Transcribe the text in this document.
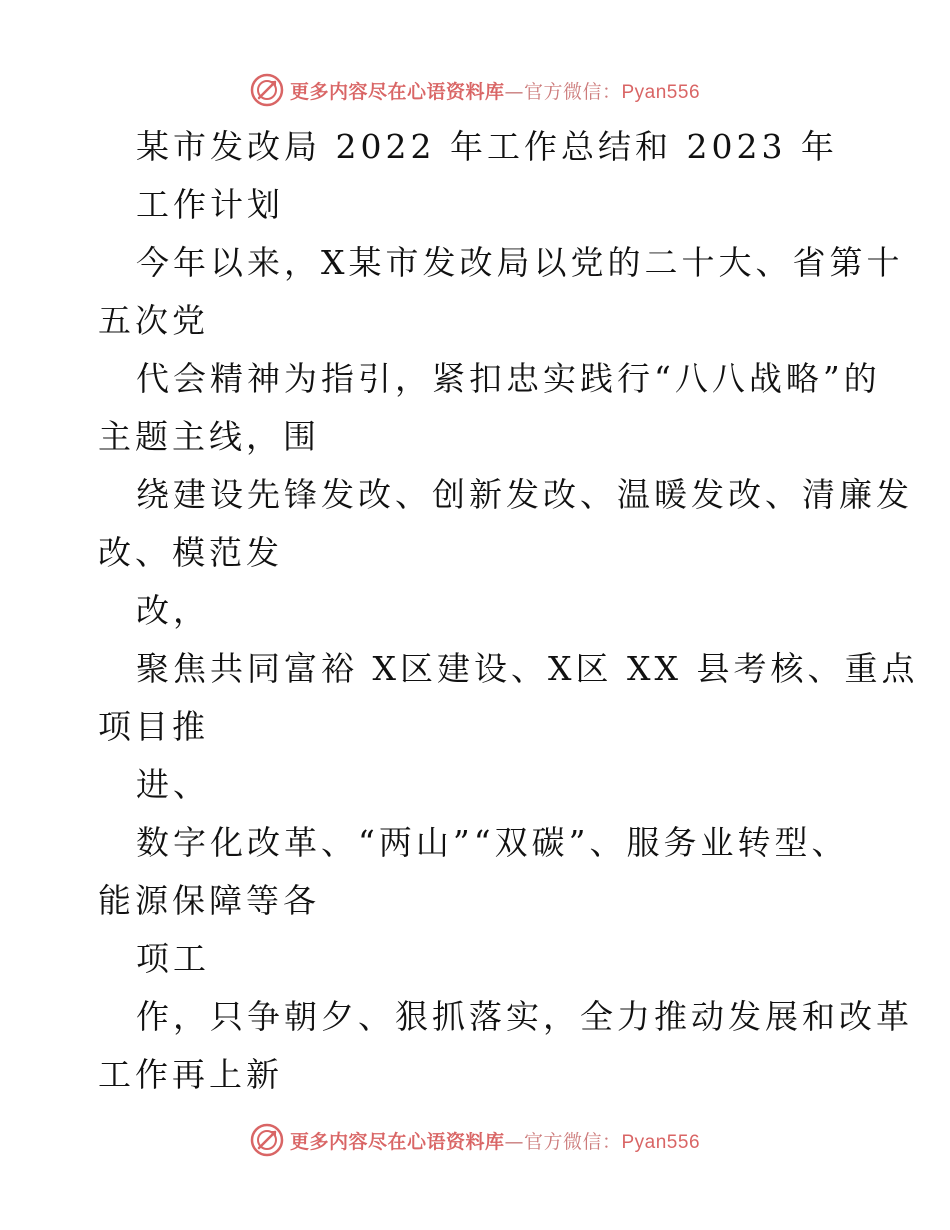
更多内容尽在心语资料库—官方微信：Pyan556
某市发改局 2022 年工作总结和 2023 年
工作计划
今年以来，X某市发改局以党的二十大、省第十
五次党
代会精神为指引，紧扣忠实践行“八八战略”的
主题主线，围
绕建设先锋发改、创新发改、温暖发改、清廉发
改、模范发
改，
聚焦共同富裕 X区建设、X区 XX 县考核、重点
项目推
进、
数字化改革、“两山”“双碳”、服务业转型、
能源保障等各
项工
作，只争朝夕、狠抓落实，全力推动发展和改革
工作再上新
更多内容尽在心语资料库—官方微信：Pyan556
